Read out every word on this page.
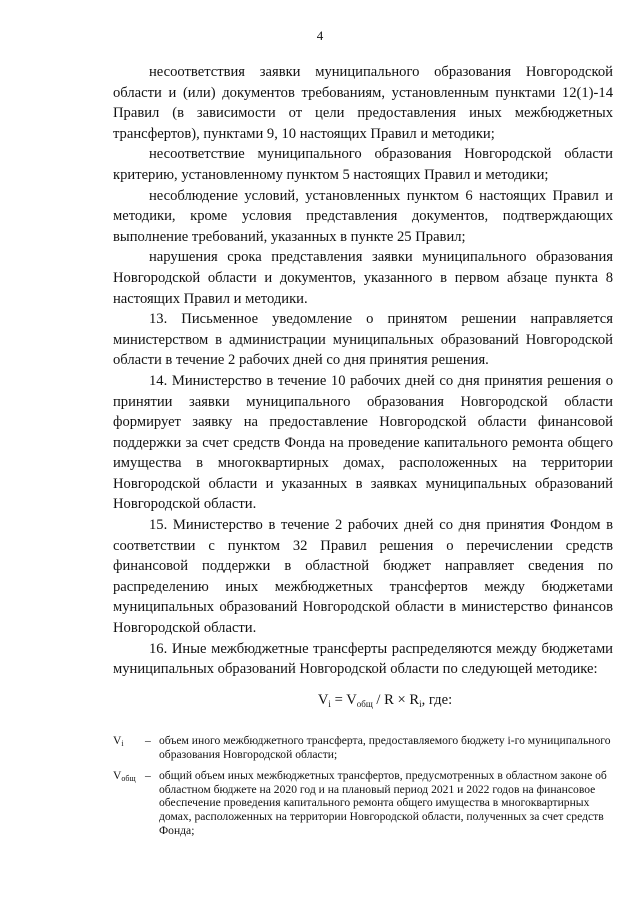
4

несоответствия заявки муниципального образования Новгородской области и (или) документов требованиям, установленным пунктами 12(1)-14 Правил (в зависимости от цели предоставления иных межбюджетных трансфертов), пунктами 9, 10 настоящих Правил и методики;

несоответствие муниципального образования Новгородской области критерию, установленному пунктом 5 настоящих Правил и методики;

несоблюдение условий, установленных пунктом 6 настоящих Правил и методики, кроме условия представления документов, подтверждающих выполнение требований, указанных в пункте 25 Правил;

нарушения срока представления заявки муниципального образования Новгородской области и документов, указанного в первом абзаце пункта 8 настоящих Правил и методики.

13. Письменное уведомление о принятом решении направляется министерством в администрации муниципальных образований Новгородской области в течение 2 рабочих дней со дня принятия решения.

14. Министерство в течение 10 рабочих дней со дня принятия решения о принятии заявки муниципального образования Новгородской области формирует заявку на предоставление Новгородской области финансовой поддержки за счет средств Фонда на проведение капитального ремонта общего имущества в многоквартирных домах, расположенных на территории Новгородской области и указанных в заявках муниципальных образований Новгородской области.

15. Министерство в течение 2 рабочих дней со дня принятия Фондом в соответствии с пунктом 32 Правил решения о перечислении средств финансовой поддержки в областной бюджет направляет сведения по распределению иных межбюджетных трансфертов между бюджетами муниципальных образований Новгородской области в министерство финансов Новгородской области.

16. Иные межбюджетные трансферты распределяются между бюджетами муниципальных образований Новгородской области по следующей методике:

$V_i = V_{общ} / R \times R_i$, где:
$V_i$	– объем иного межбюджетного трансферта, предоставляемого бюджету i-го муниципального образования Новгородской области;
$V_{общ}$ – общий объем иных межбюджетных трансфертов, предусмотренных в областном законе об областном бюджете на 2020 год и на плановый период 2021 и 2022 годов на финансовое обеспечение проведения капитального ремонта общего имущества в многоквартирных домах, расположенных на территории Новгородской области, полученных за счет средств Фонда;
